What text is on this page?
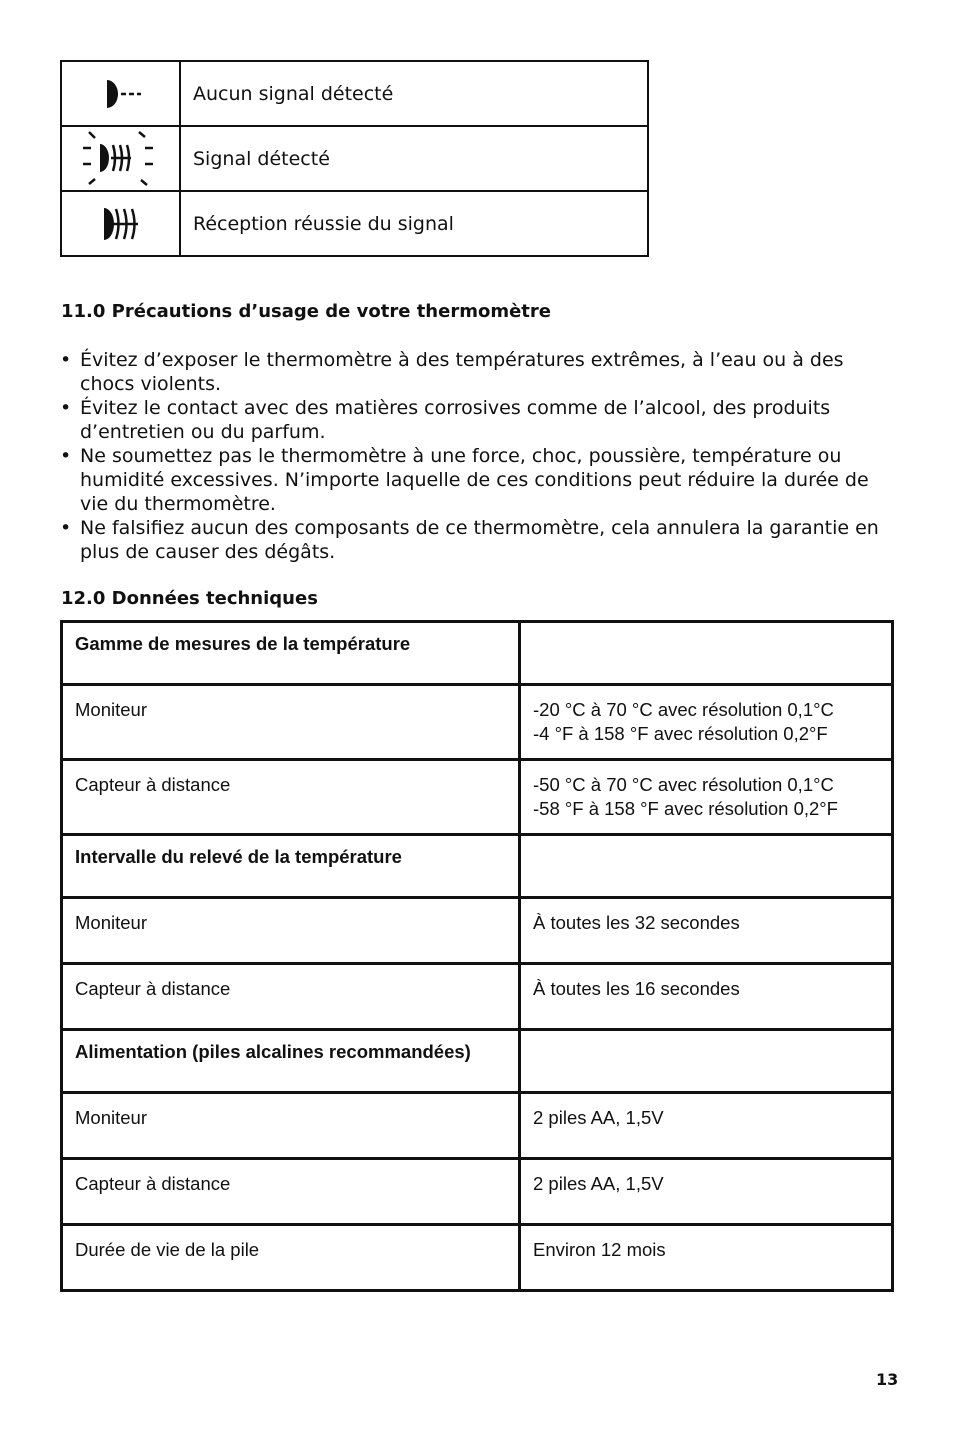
	Aucun signal détecté

	Signal détecté

	Réception réussie du signal
11.0 Précautions d’usage de votre thermomètre
• Évitez d’exposer le thermomètre à des températures extrêmes, à l’eau ou à des chocs violents.
• Évitez le contact avec des matières corrosives comme de l’alcool, des produits d’entretien ou du parfum.
• Ne soumettez pas le thermomètre à une force, choc, poussière, température ou humidité excessives. N’importe laquelle de ces conditions peut réduire la durée de vie du thermomètre.
• Ne falsifiez aucun des composants de ce thermomètre, cela annulera la garantie en plus de causer des dégâts.
12.0 Données techniques
Gamme de mesures de la température	
Moniteur	-20 °C à 70 °C avec résolution 0,1°C
-4 °F à 158 °F avec résolution 0,2°F

Capteur à distance	-50 °C à 70 °C avec résolution 0,1°C
-58 °F à 158 °F avec résolution 0,2°F

Intervalle du relevé de la température	
Moniteur	À toutes les 32 secondes
Capteur à distance	À toutes les 16 secondes
Alimentation (piles alcalines recommandées)	
Moniteur	2 piles AA, 1,5V
Capteur à distance	2 piles AA, 1,5V
Durée de vie de la pile	Environ 12 mois
13
